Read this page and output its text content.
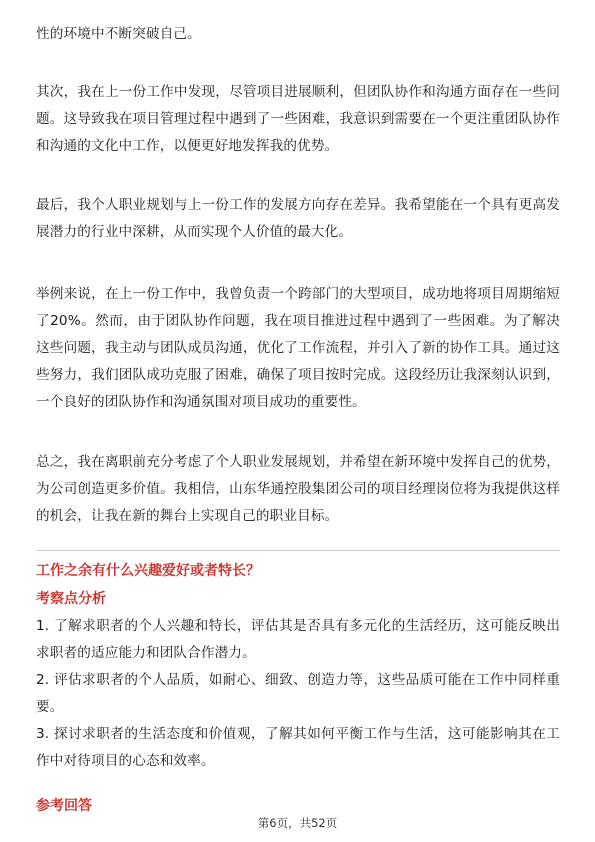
性的环境中不断突破自己。

其次，我在上一份工作中发现，尽管项目进展顺利，但团队协作和沟通方面存在一些问题。这导致我在项目管理过程中遇到了一些困难，我意识到需要在一个更注重团队协作和沟通的文化中工作，以便更好地发挥我的优势。

最后，我个人职业规划与上一份工作的发展方向存在差异。我希望能在一个具有更高发展潜力的行业中深耕，从而实现个人价值的最大化。

举例来说，在上一份工作中，我曾负责一个跨部门的大型项目，成功地将项目周期缩短了20%。然而，由于团队协作问题，我在项目推进过程中遇到了一些困难。为了解决这些问题，我主动与团队成员沟通，优化了工作流程，并引入了新的协作工具。通过这些努力，我们团队成功克服了困难，确保了项目按时完成。这段经历让我深刻认识到，一个良好的团队协作和沟通氛围对项目成功的重要性。

总之，我在离职前充分考虑了个人职业发展规划，并希望在新环境中发挥自己的优势，为公司创造更多价值。我相信，山东华通控股集团公司的项目经理岗位将为我提供这样的机会，让我在新的舞台上实现自己的职业目标。

工作之余有什么兴趣爱好或者特长？

考察点分析

1. 了解求职者的个人兴趣和特长，评估其是否具有多元化的生活经历，这可能反映出求职者的适应能力和团队合作潜力。
2. 评估求职者的个人品质，如耐心、细致、创造力等，这些品质可能在工作中同样重要。
3. 探讨求职者的生活态度和价值观，了解其如何平衡工作与生活，这可能影响其在工作中对待项目的心态和效率。

参考回答

第6页，共52页
